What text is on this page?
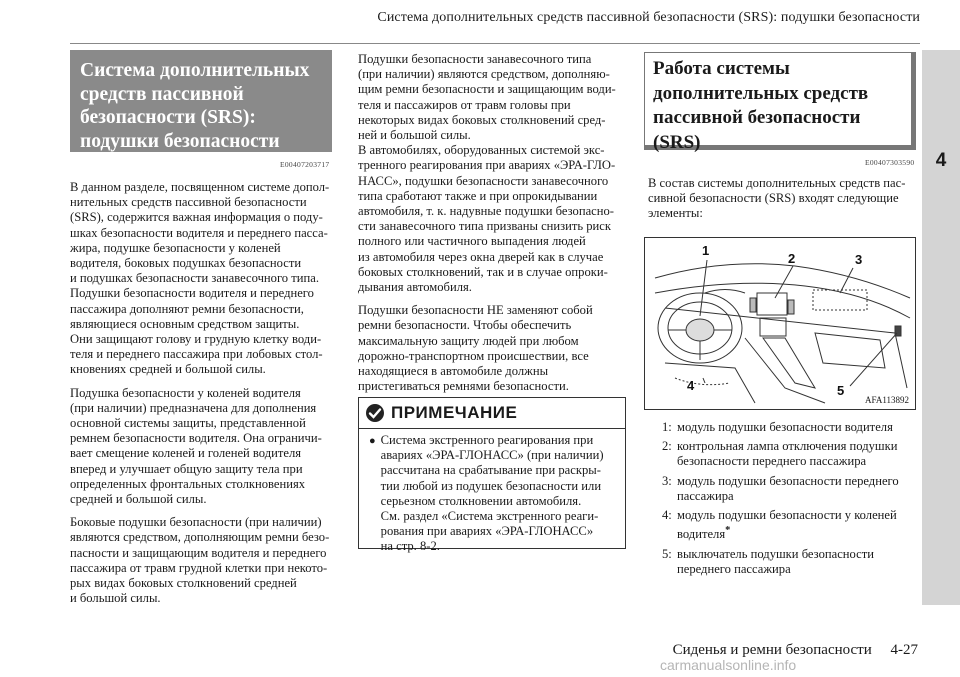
Система дополнительных средств пассивной безопасности (SRS): подушки безопасности
4
Система дополнительных
средств пассивной
безопасности (SRS):
подушки безопасности
E00407203717

В данном разделе, посвященном системе допол-
нительных средств пассивной безопасности
(SRS), содержится важная информация о поду-
шках безопасности водителя и переднего пасса-
жира, подушке безопасности у коленей
водителя, боковых подушках безопасности
и подушках безопасности занавесочного типа.
Подушки безопасности водителя и переднего
пассажира дополняют ремни безопасности,
являющиеся основным средством защиты.
Они защищают голову и грудную клетку води-
теля и переднего пассажира при лобовых стол-
кновениях средней и большой силы.

Подушка безопасности у коленей водителя
(при наличии) предназначена для дополнения
основной системы защиты, представленной
ремнем безопасности водителя. Она ограничи-
вает смещение коленей и голеней водителя
вперед и улучшает общую защиту тела при
определенных фронтальных столкновениях
средней и большой силы.

Боковые подушки безопасности (при наличии)
являются средством, дополняющим ремни безо-
пасности и защищающим водителя и переднего
пассажира от травм грудной клетки при некото-
рых видах боковых столкновений средней
и большой силы.

Подушки безопасности занавесочного типа
(при наличии) являются средством, дополняю-
щим ремни безопасности и защищающим води-
теля и пассажиров от травм головы при
некоторых видах боковых столкновений сред-
ней и большой силы.
В автомобилях, оборудованных системой экс-
тренного реагирования при авариях «ЭРА-ГЛО-
НАСС», подушки безопасности занавесочного
типа сработают также и при опрокидывании
автомобиля, т. к. надувные подушки безопасно-
сти занавесочного типа призваны снизить риск
полного или частичного выпадения людей
из автомобиля через окна дверей как в случае
боковых столкновений, так и в случае опроки-
дывания автомобиля.

Подушки безопасности НЕ заменяют собой
ремни безопасности. Чтобы обеспечить
максимальную защиту людей при любом
дорожно-транспортном происшествии, все
находящиеся в автомобиле должны
пристегиваться ремнями безопасности.

ПРИМЕЧАНИЕ
● Система экстренного реагирования при
авариях «ЭРА-ГЛОНАСС» (при наличии)
рассчитана на срабатывание при раскры-
тии любой из подушек безопасности или
серьезном столкновении автомобиля.
См. раздел «Система экстренного реаги-
рования при авариях «ЭРА-ГЛОНАСС»
на стр. 8-2.

Работа системы
дополнительных средств
пассивной безопасности
(SRS)
E00407303590

В состав системы дополнительных средств пас-
сивной безопасности (SRS) входят следующие
элементы:

1
2	3
4	5
AFA113892
1: модуль подушки безопасности водителя
2: контрольная лампа отключения подушки
безопасности переднего пассажира
3: модуль подушки безопасности переднего
пассажира
4: модуль подушки безопасности у коленей
водителя*
5: выключатель подушки безопасности
переднего пассажира
Сиденья и ремни безопасности     4-27
carmanualsonline.info
